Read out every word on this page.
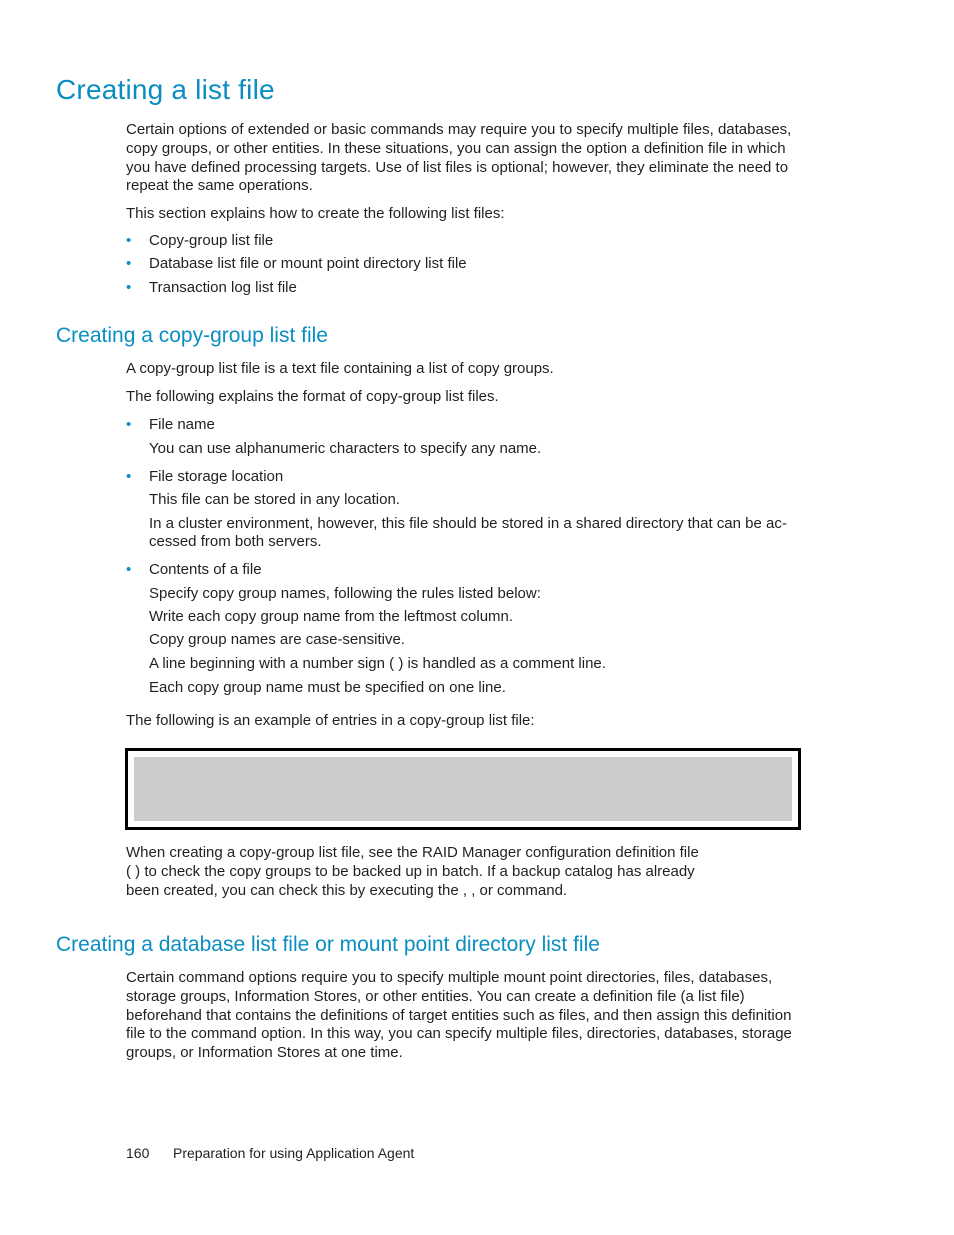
Creating a list file

Certain options of extended or basic commands may require you to specify multiple files, databases, copy groups, or other entities. In these situations, you can assign the option a definition file in which you have defined processing targets. Use of list files is optional; however, they eliminate the need to repeat the same operations.

This section explains how to create the following list files:

• Copy-group list file

• Database list file or mount point directory list file

• Transaction log list file

Creating a copy-group list file

A copy-group list file is a text file containing a list of copy groups.

The following explains the format of copy-group list files.

• File name

You can use alphanumeric characters to specify any name.

• File storage location

This file can be stored in any location.

In a cluster environment, however, this file should be stored in a shared directory that can be ac-

cessed from both servers.

• Contents of a file

Specify copy group names, following the rules listed below:

Write each copy group name from the leftmost column.

Copy group names are case-sensitive.

A line beginning with a number sign ( ) is handled as a comment line.

Each copy group name must be specified on one line.

The following is an example of entries in a copy-group list file:

When creating a copy-group list file, see the RAID Manager configuration definition file

( ) to check the copy groups to be backed up in batch. If a backup catalog has already

been created, you can check this by executing the , , or command.

Creating a database list file or mount point directory list file

Certain command options require you to specify multiple mount point directories, files, databases, storage groups, Information Stores, or other entities. You can create a definition file (a list file) beforehand that contains the definitions of target entities such as files, and then assign this definition file to the command option. In this way, you can specify multiple files, directories, databases, storage groups, or Information Stores at one time.

160 Preparation for using Application Agent
